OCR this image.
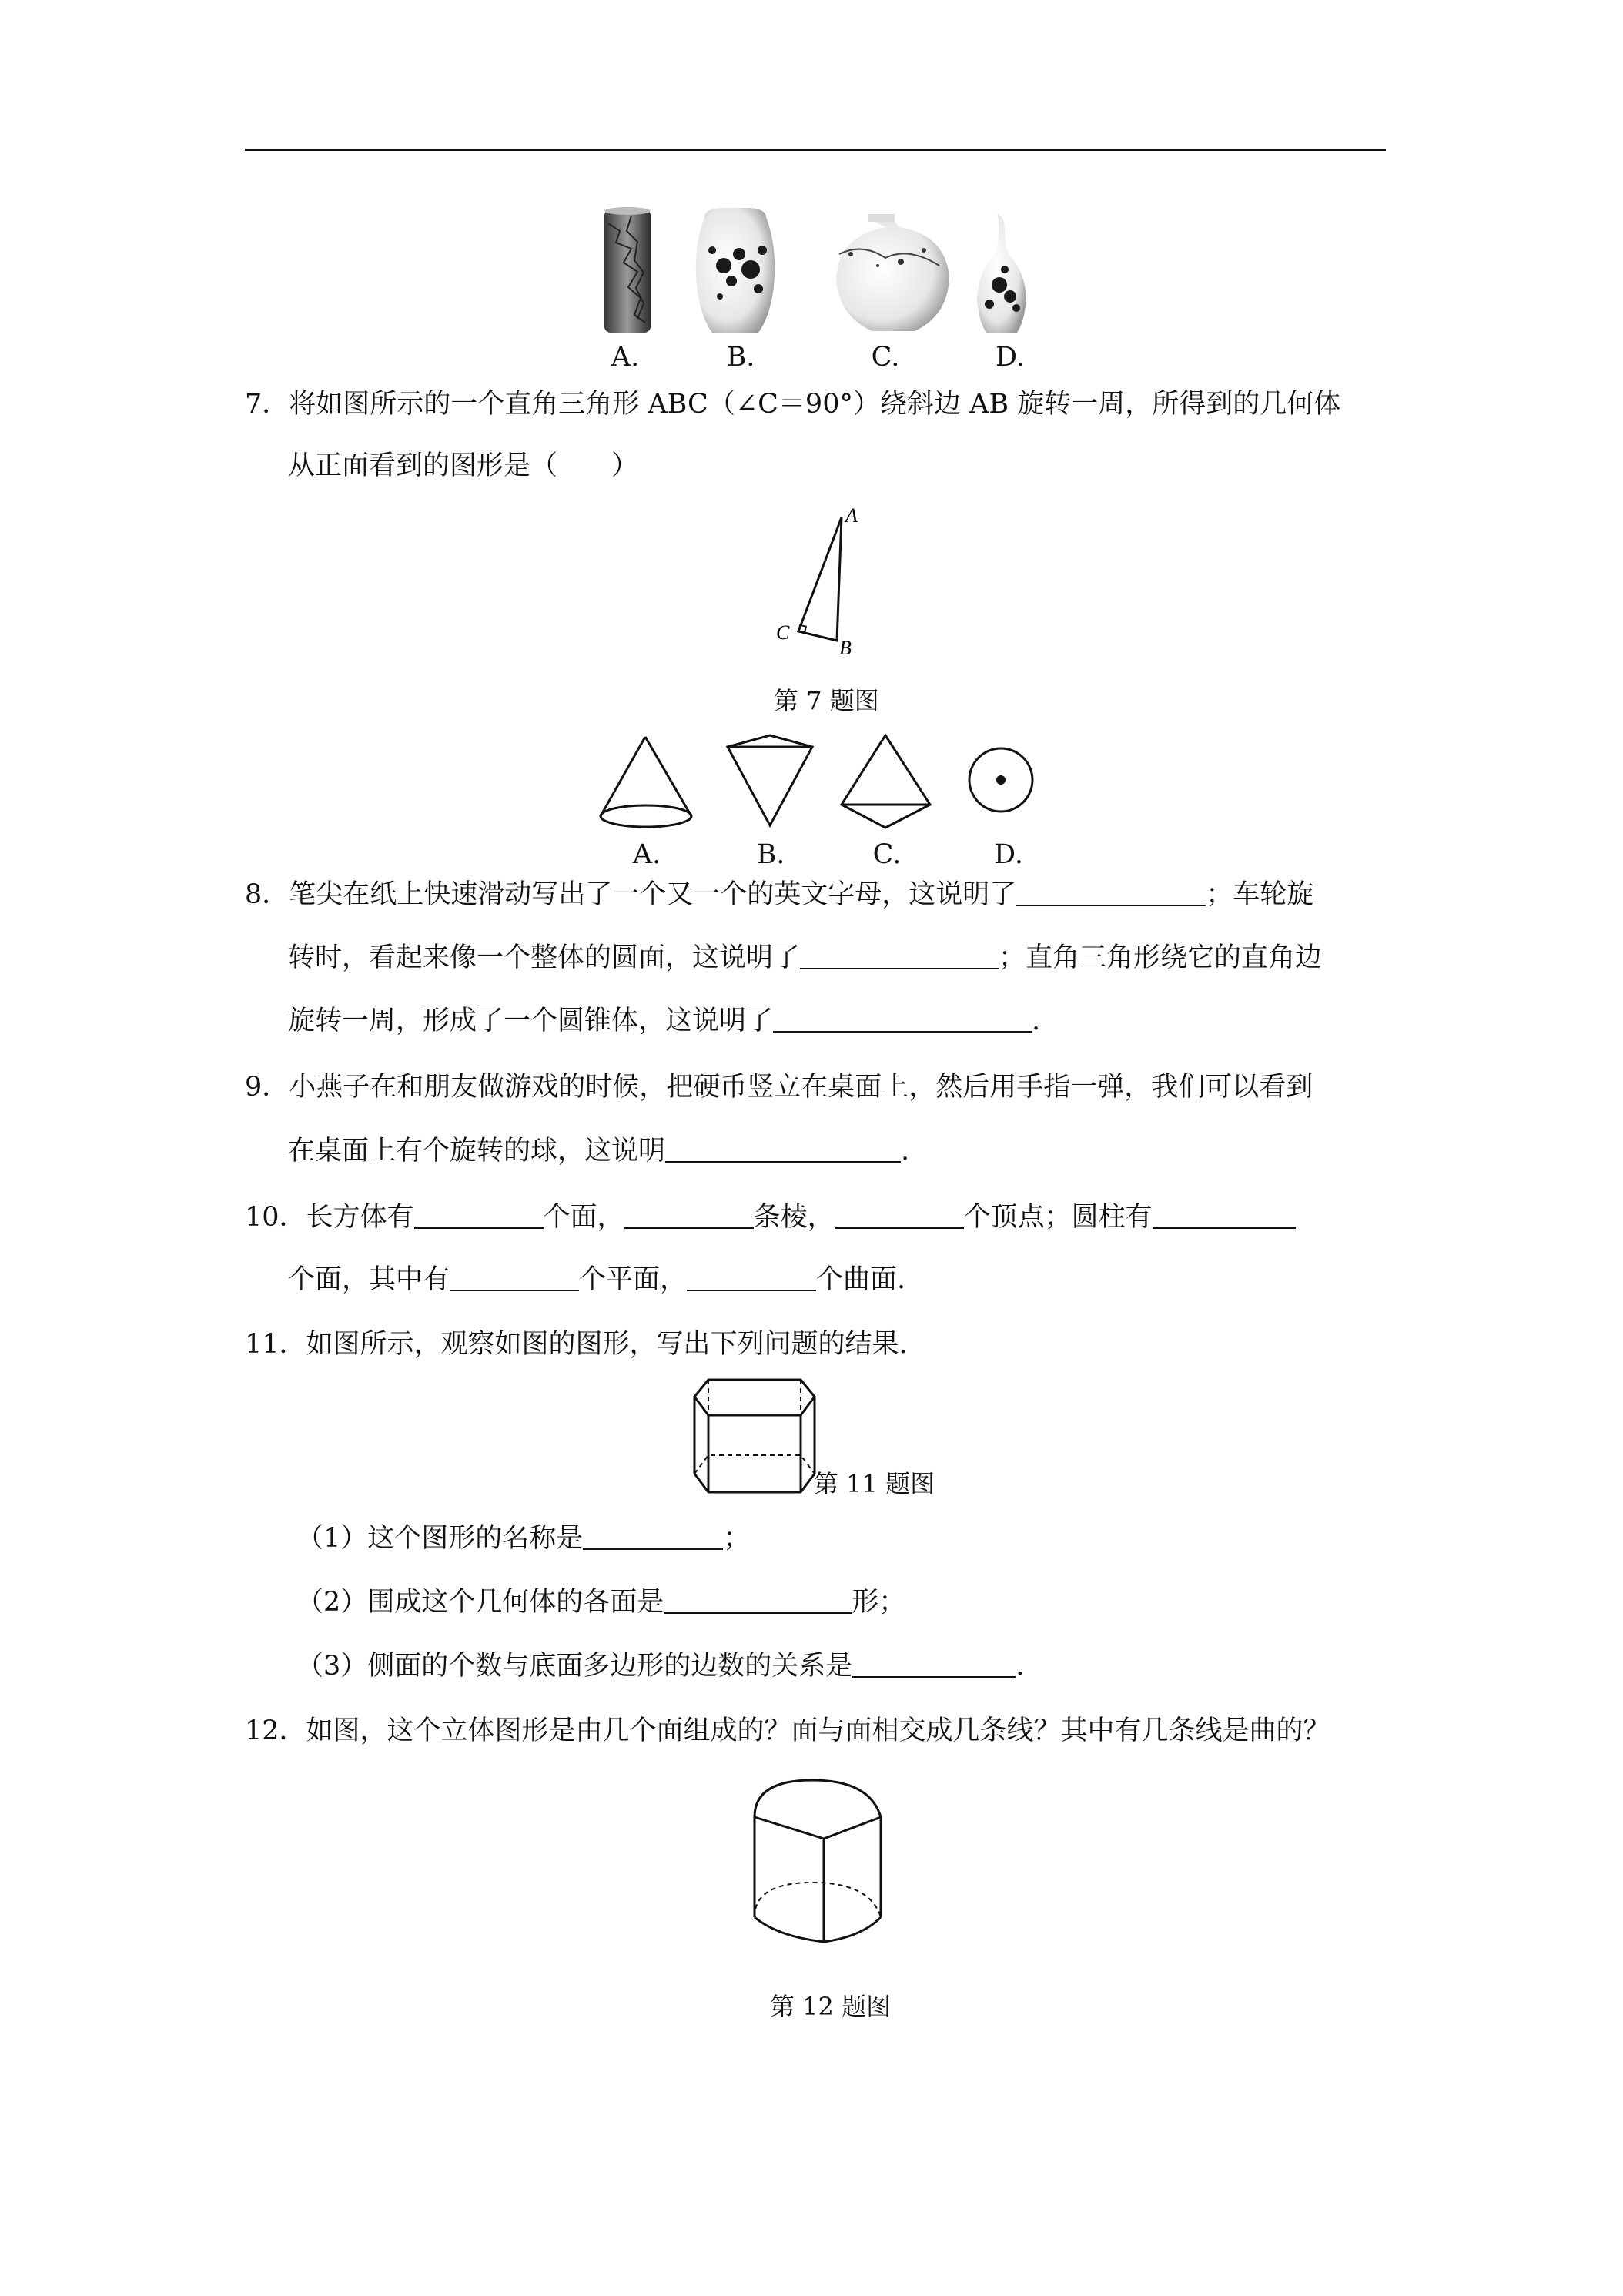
A.	B.	C.	D.
7．将如图所示的一个直角三角形 ABC（∠C＝90°）绕斜边 AB 旋转一周，所得到的几何体
从正面看到的图形是（　　）
A
C
B
第 7 题图
A.	B.	C.	D.
8．笔尖在纸上快速滑动写出了一个又一个的英文字母，这说明了	；车轮旋
转时，看起来像一个整体的圆面，这说明了	；直角三角形绕它的直角边
旋转一周，形成了一个圆锥体，这说明了	.
9．小燕子在和朋友做游戏的时候，把硬币竖立在桌面上，然后用手指一弹，我们可以看到
在桌面上有个旋转的球，这说明	.
10．长方体有	个面，	条棱，	个顶点；圆柱有
个面，其中有	个平面，	个曲面.
11．如图所示，观察如图的图形，写出下列问题的结果.
第 11 题图
（1）这个图形的名称是	；
（2）围成这个几何体的各面是	形；
（3）侧面的个数与底面多边形的边数的关系是	.
12．如图，这个立体图形是由几个面组成的？面与面相交成几条线？其中有几条线是曲的？
第 12 题图
